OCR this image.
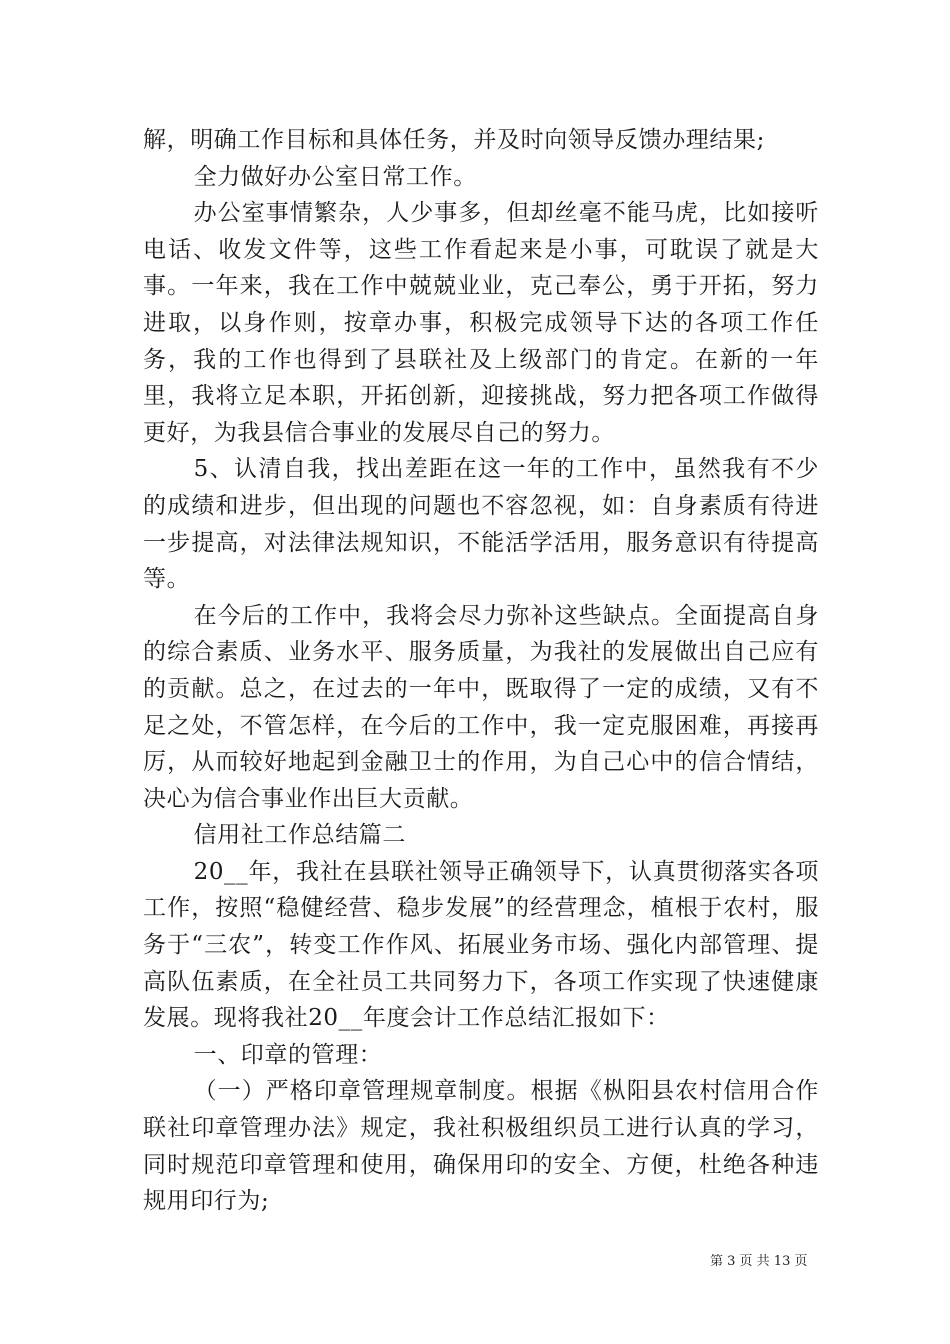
解，明确工作目标和具体任务，并及时向领导反馈办理结果;

全力做好办公室日常工作。

办公室事情繁杂，人少事多，但却丝毫不能马虎，比如接听电话、收发文件等，这些工作看起来是小事，可耽误了就是大事。一年来，我在工作中兢兢业业，克己奉公，勇于开拓，努力进取，以身作则，按章办事，积极完成领导下达的各项工作任务，我的工作也得到了县联社及上级部门的肯定。在新的一年里，我将立足本职，开拓创新，迎接挑战，努力把各项工作做得更好，为我县信合事业的发展尽自己的努力。

5、认清自我，找出差距在这一年的工作中，虽然我有不少的成绩和进步，但出现的问题也不容忽视，如：自身素质有待进一步提高，对法律法规知识，不能活学活用，服务意识有待提高等。

在今后的工作中，我将会尽力弥补这些缺点。全面提高自身的综合素质、业务水平、服务质量，为我社的发展做出自己应有的贡献。总之，在过去的一年中，既取得了一定的成绩，又有不足之处，不管怎样，在今后的工作中，我一定克服困难，再接再厉，从而较好地起到金融卫士的作用，为自己心中的信合情结，决心为信合事业作出巨大贡献。

信用社工作总结篇二

20__年，我社在县联社领导正确领导下，认真贯彻落实各项工作，按照“稳健经营、稳步发展”的经营理念，植根于农村，服务于“三农”，转变工作作风、拓展业务市场、强化内部管理、提高队伍素质，在全社员工共同努力下，各项工作实现了快速健康发展。现将我社20__年度会计工作总结汇报如下：

一、印章的管理：

（一）严格印章管理规章制度。根据《枞阳县农村信用合作联社印章管理办法》规定，我社积极组织员工进行认真的学习，同时规范印章管理和使用，确保用印的安全、方便，杜绝各种违规用印行为;

第 3 页 共 13 页
